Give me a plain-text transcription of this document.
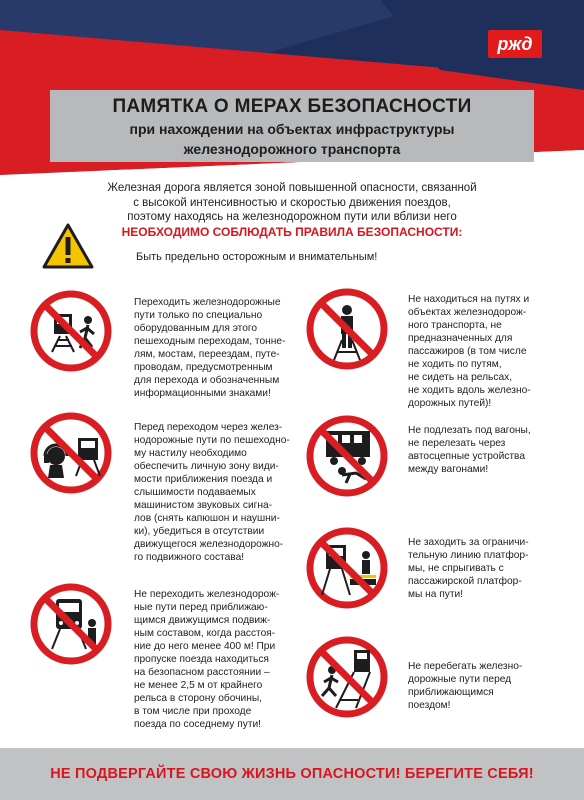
ржд
ПАМЯТКА О МЕРАХ БЕЗОПАСНОСТИ
при нахождении на объектах инфраструктуры
железнодорожного транспорта
Железная дорога является зоной повышенной опасности, связанной
с высокой интенсивностью и скоростью движения поездов,
поэтому находясь на железнодорожном пути или вблизи него
НЕОБХОДИМО СОБЛЮДАТЬ ПРАВИЛА БЕЗОПАСНОСТИ:
Быть предельно осторожным и внимательным!
Переходить железнодорожные
пути только по специально
оборудованным для этого
пешеходным переходам, тонне-
лям, мостам, переездам, путе-
проводам, предусмотренным
для перехода и обозначенным
информационными знаками!
Перед переходом через желез-
нодорожные пути по пешеходно-
му настилу необходимо
обеспечить личную зону види-
мости приближения поезда и
слышимости подаваемых
машинистом звуковых сигна-
лов (снять капюшон и наушни-
ки), убедиться в отсутствии
движущегося железнодорожно-
го подвижного состава!
Не переходить железнодорож-
ные пути перед приближаю-
щимся движущимся подвиж-
ным составом, когда расстоя-
ние до него менее 400 м! При
пропуске поезда находиться
на безопасном расстоянии –
не менее 2,5 м от крайнего
рельса в сторону обочины,
в том числе при проходе
поезда по соседнему пути!
Не находиться на путях и
объектах железнодорож-
ного транспорта, не
предназначенных для
пассажиров (в том числе
не ходить по путям,
не сидеть на рельсах,
не ходить вдоль железно-
дорожных путей)!
Не подлезать под вагоны,
не перелезать через
автосцепные устройства
между вагонами!
Не заходить за ограничи-
тельную линию платфор-
мы, не спрыгивать с
пассажирской платфор-
мы на пути!
Не перебегать железно-
дорожные пути перед
приближающимся
поездом!
НЕ ПОДВЕРГАЙТЕ СВОЮ ЖИЗНЬ ОПАСНОСТИ! БЕРЕГИТЕ СЕБЯ!
